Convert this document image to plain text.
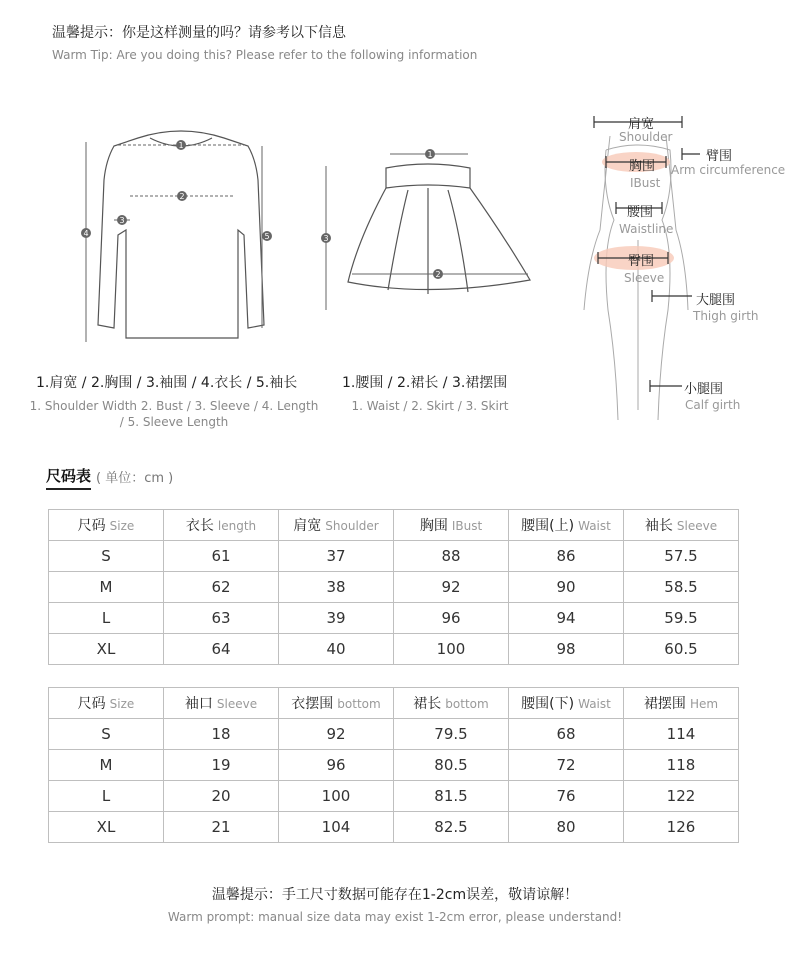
温馨提示：你是这样测量的吗？请参考以下信息
Warm Tip: Are you doing this? Please refer to the following information
1
2
3
4	5
1.肩宽 / 2.胸围 / 3.袖围 / 4.衣长 / 5.袖长
1. Shoulder Width 2. Bust / 3. Sleeve / 4. Length
/ 5. Sleeve Length
1
2
3
1.腰围 / 2.裙长 / 3.裙摆围
1. Waist / 2. Skirt / 3. Skirt
肩宽
Shoulder
臂围
Arm circumference
胸围
IBust
腰围
Waistline
臀围
Sleeve
大腿围
Thigh girth
小腿围
Calf girth
尺码表 ( 单位：cm )
尺码 Size	衣长 length	肩宽 Shoulder	胸围 IBust	腰围(上) Waist	袖长 Sleeve
S	61	37	88	86	57.5
M	62	38	92	90	58.5
L	63	39	96	94	59.5
XL	64	40	100	98	60.5
尺码 Size	袖口 Sleeve	衣摆围 bottom	裙长 bottom	腰围(下) Waist	裙摆围 Hem
S	18	92	79.5	68	114
M	19	96	80.5	72	118
L	20	100	81.5	76	122
XL	21	104	82.5	80	126
温馨提示：手工尺寸数据可能存在1-2cm误差，敬请谅解！
Warm prompt: manual size data may exist 1-2cm error, please understand!
